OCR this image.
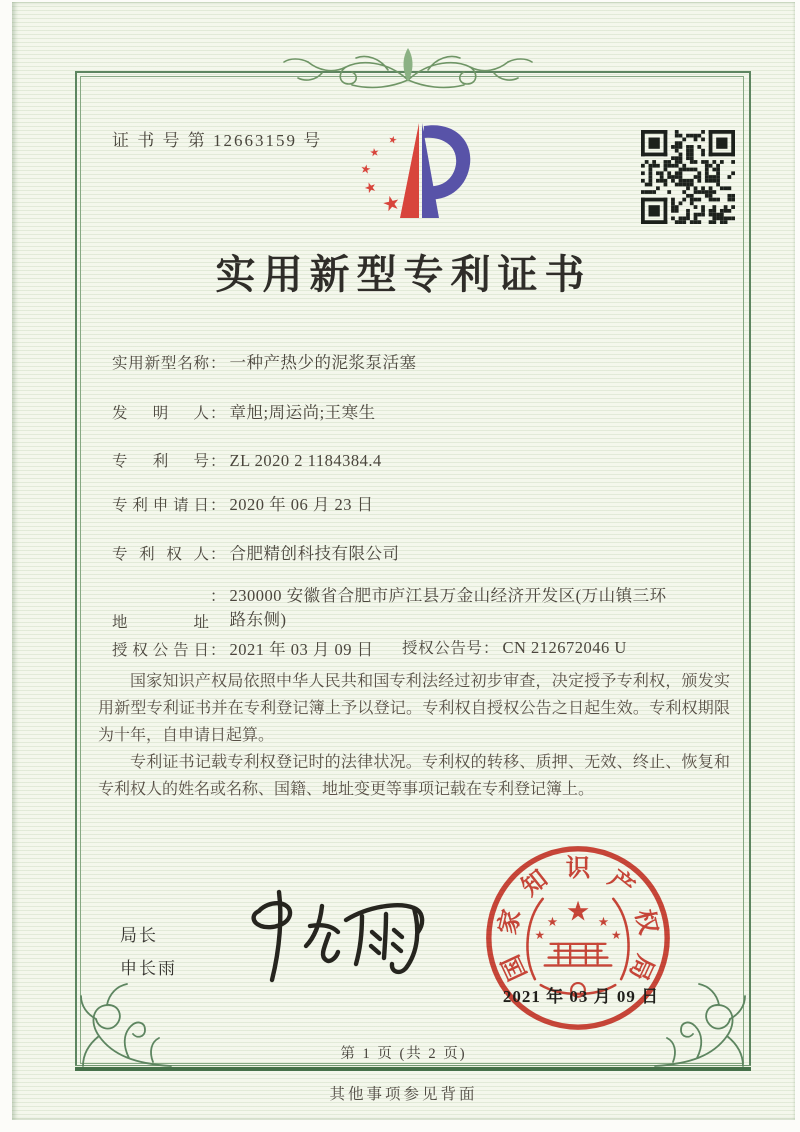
证 书 号 第 12663159 号
★
★
★
★
★
实用新型专利证书
实用新型名称： 一种产热少的泥浆泵活塞
发明人： 章旭;周运尚;王寒生
专利号： ZL 2020 2 1184384.4
专利申请日： 2020 年 06 月 23 日
专利权人： 合肥精创科技有限公司
地址： 230000 安徽省合肥市庐江县万金山经济开发区(万山镇三环路东侧)
授权公告日： 2021 年 03 月 09 日 授权公告号： CN 212672046 U

国家知识产权局依照中华人民共和国专利法经过初步审查，决定授予专利权，颁发实用新型专利证书并在专利登记簿上予以登记。专利权自授权公告之日起生效。专利权期限为十年，自申请日起算。

专利证书记载专利权登记时的法律状况。专利权的转移、质押、无效、终止、恢复和专利权人的姓名或名称、国籍、地址变更等事项记载在专利登记簿上。

局长
申长雨	国
家
知 识 产
权
局
★
★
★
★
★
2021 年 03 月 09 日
第 1 页 (共 2 页)
其他事项参见背面
